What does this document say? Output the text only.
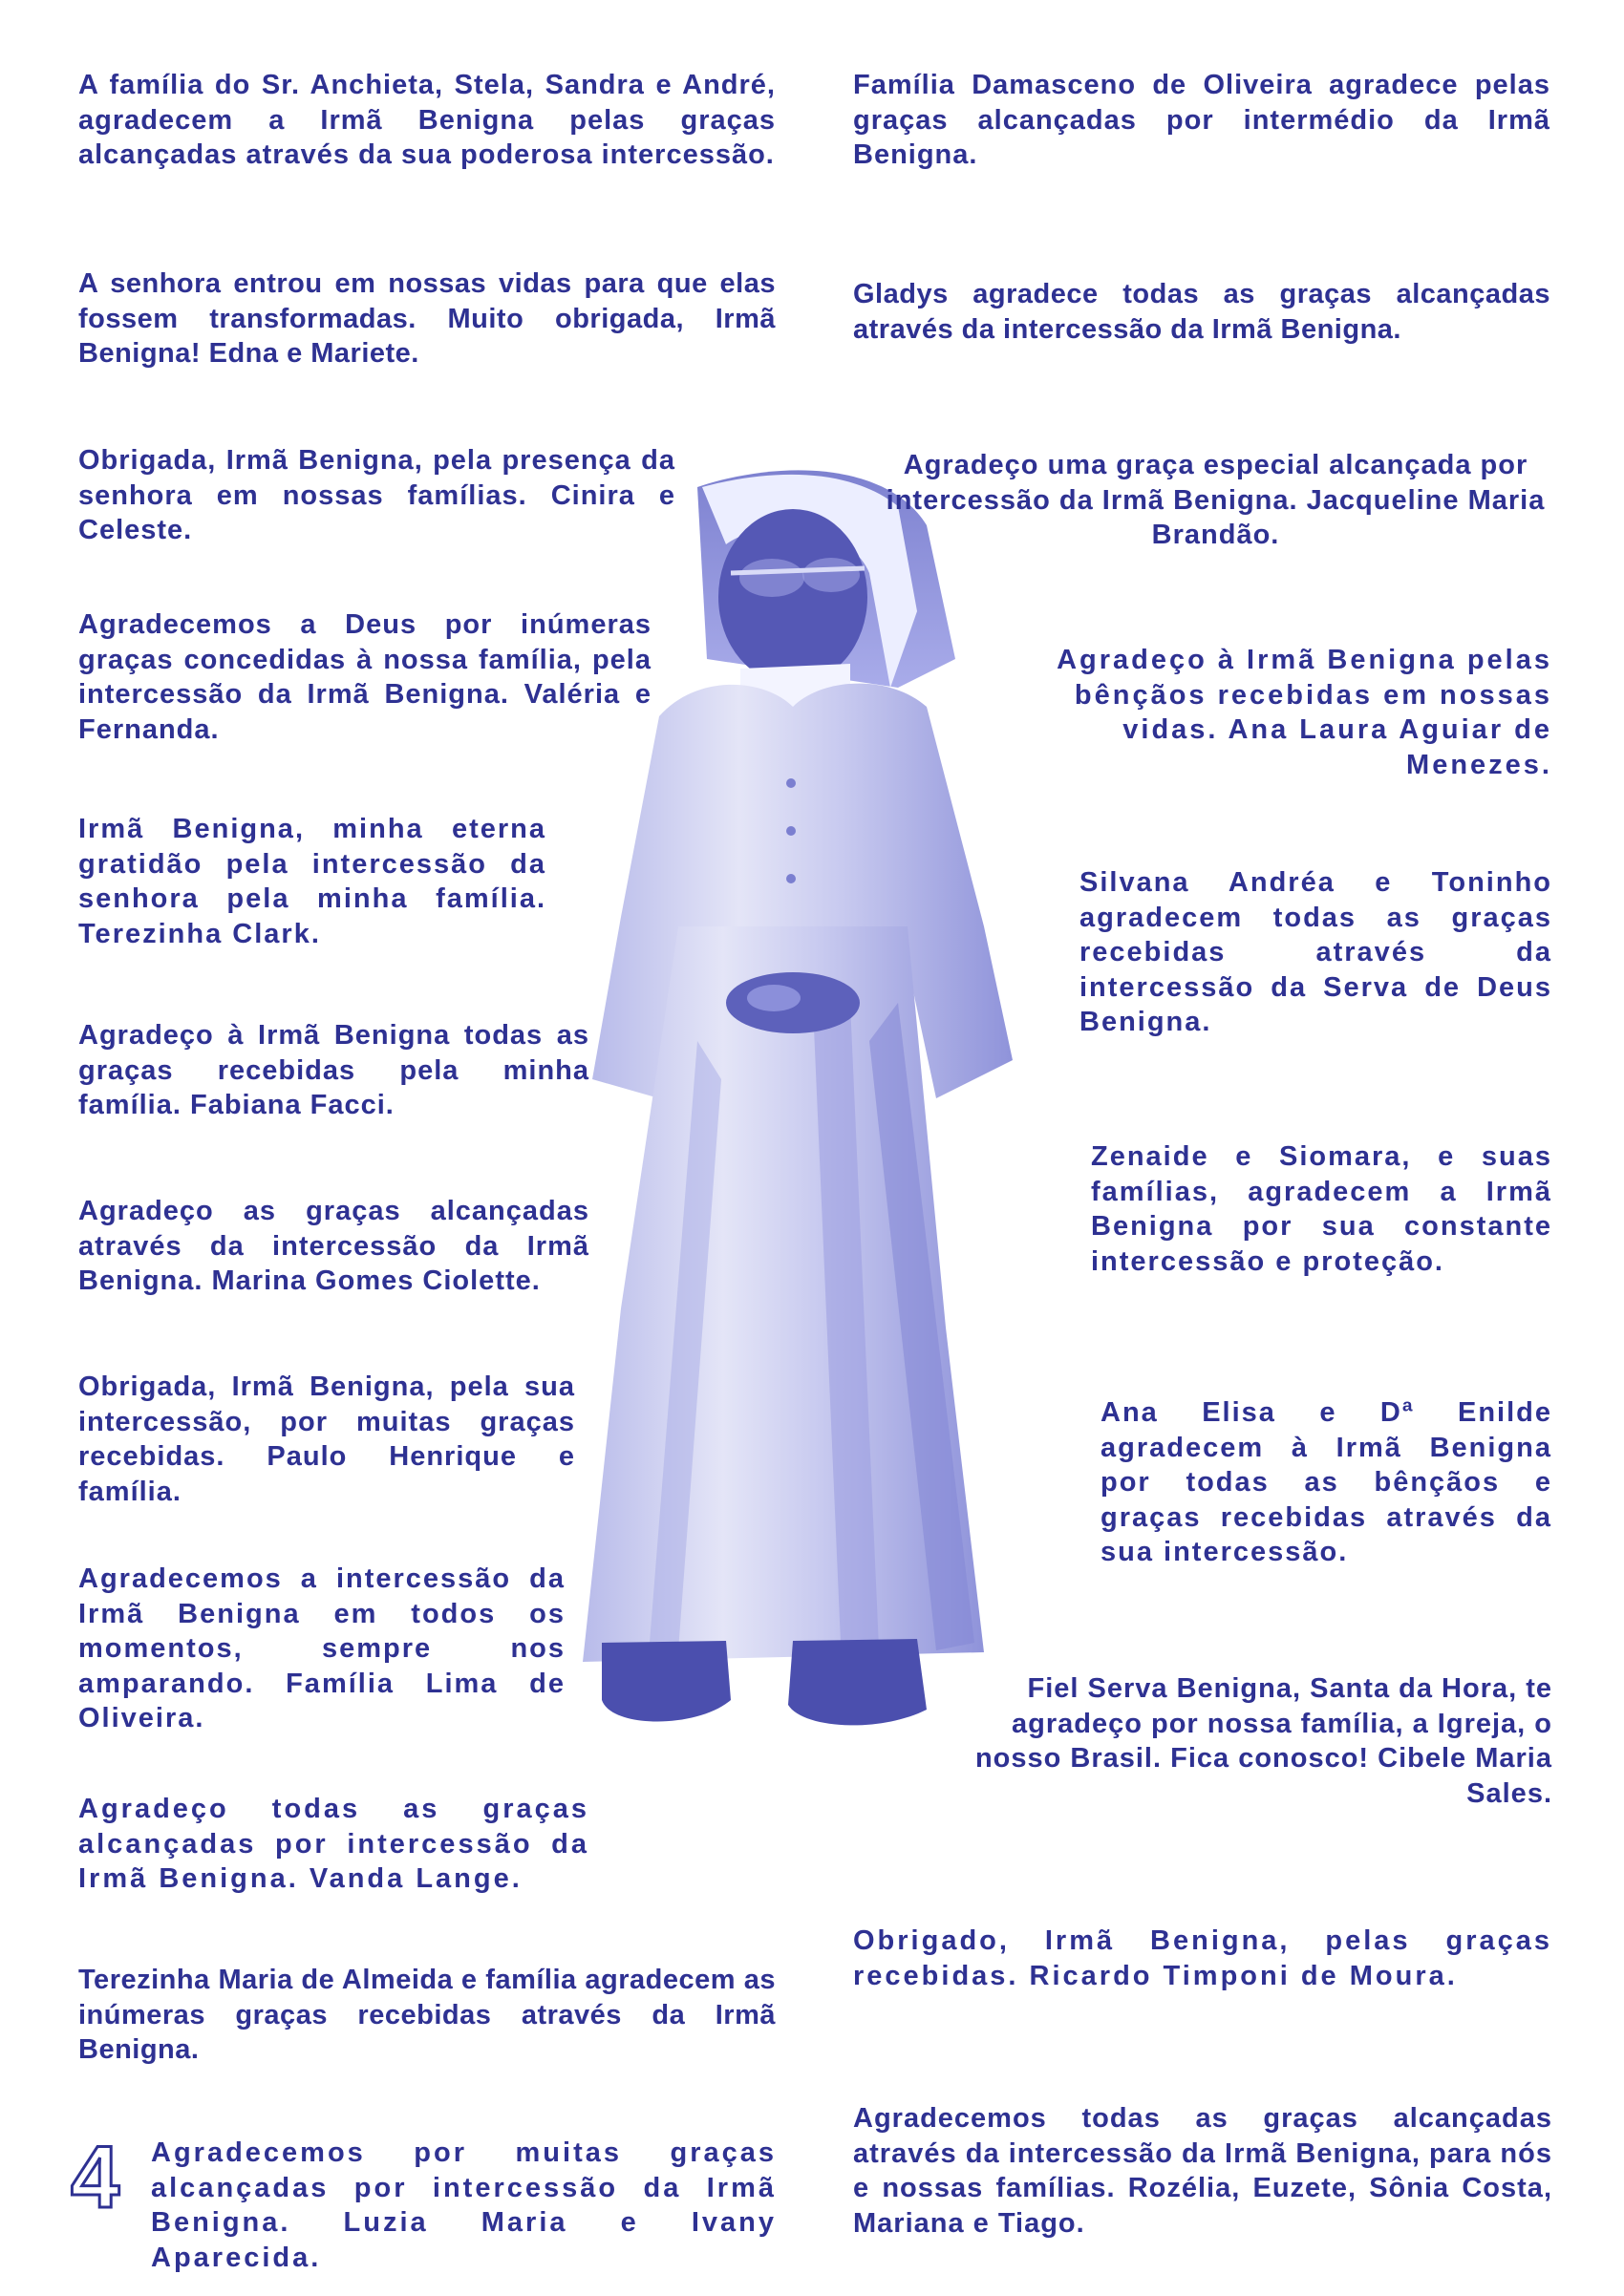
A família do Sr. Anchieta, Stela, Sandra e André, agradecem a Irmã Benigna pelas graças alcançadas através da sua poderosa intercessão.

A senhora entrou em nossas vidas para que elas fossem transformadas. Muito obrigada, Irmã Benigna! Edna e Mariete.

Obrigada, Irmã Benigna, pela presença da senhora em nossas famílias. Cinira e Celeste.

Agradecemos a Deus por inúmeras graças concedidas à nossa família, pela intercessão da Irmã Benigna. Valéria e Fernanda.

Irmã Benigna, minha eterna gratidão pela intercessão da senhora pela minha família. Terezinha Clark.

Agradeço à Irmã Benigna todas as graças recebidas pela minha família. Fabiana Facci.

Agradeço as graças alcançadas através da intercessão da Irmã Benigna. Marina Gomes Ciolette.

Obrigada, Irmã Benigna, pela sua intercessão, por muitas graças recebidas. Paulo Henrique e família.

Agradecemos a intercessão da Irmã Benigna em todos os momentos, sempre nos amparando. Família Lima de Oliveira.

Agradeço todas as graças alcançadas por intercessão da Irmã Benigna. Vanda Lange.

Terezinha Maria de Almeida e família agradecem as inúmeras graças recebidas através da Irmã Benigna.

Agradecemos por muitas graças alcançadas por intercessão da Irmã Benigna. Luzia Maria e Ivany Aparecida.

4

Família Damasceno de Oliveira agradece pelas graças alcançadas por intermédio da Irmã Benigna.

Gladys agradece todas as graças alcançadas através da intercessão da Irmã Benigna.

Agradeço uma graça especial alcançada por intercessão da Irmã Benigna. Jacqueline Maria Brandão.

Agradeço à Irmã Benigna pelas bênçãos recebidas em nossas vidas. Ana Laura Aguiar de Menezes.

Silvana Andréa e Toninho agradecem todas as graças recebidas através da intercessão da Serva de Deus Benigna.

Zenaide e Siomara, e suas famílias, agradecem a Irmã Benigna por sua constante intercessão e proteção.

Ana Elisa e Dª Enilde agradecem à Irmã Benigna por todas as bênçãos e graças recebidas através da sua intercessão.

Fiel Serva Benigna, Santa da Hora, te agradeço por nossa família, a Igreja, o nosso Brasil. Fica conosco! Cibele Maria Sales.

Obrigado, Irmã Benigna, pelas graças recebidas. Ricardo Timponi de Moura.

Agradecemos todas as graças alcançadas através da intercessão da Irmã Benigna, para nós e nossas famílias. Rozélia, Euzete, Sônia Costa, Mariana e Tiago.
